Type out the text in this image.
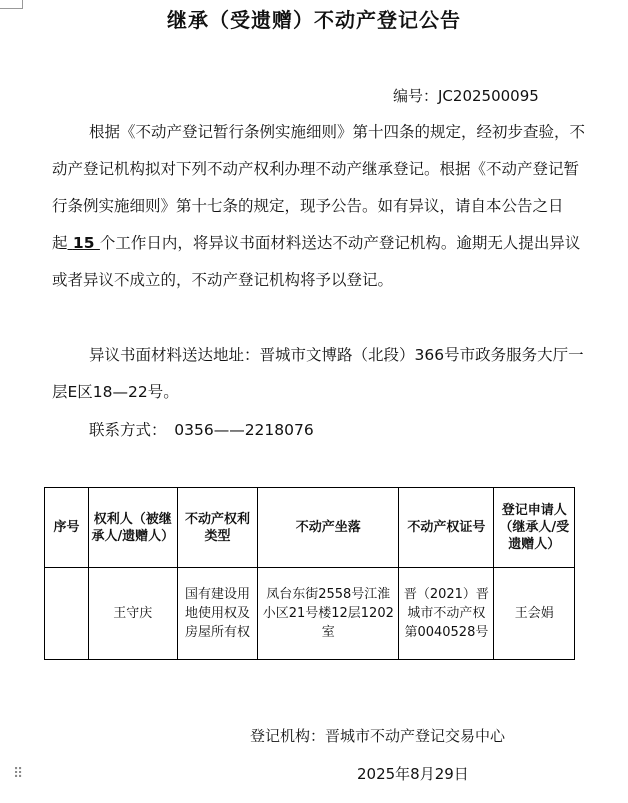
继承（受遗赠）不动产登记公告
编号：JC202500095

根据《不动产登记暂行条例实施细则》第十四条的规定，经初步查验，不动产登记机构拟对下列不动产权利办理不动产继承登记。根据《不动产登记暂行条例实施细则》第十七条的规定，现予公告。如有异议，请自本公告之日起 15 个工作日内，将异议书面材料送达不动产登记机构。逾期无人提出异议或者异议不成立的，不动产登记机构将予以登记。

异议书面材料送达地址：晋城市文博路（北段）366号市政务服务大厅一层E区18—22号。

联系方式：　0356——2218076

序号	权利人（被继承人/遗赠人）	不动产权利类型	不动产坐落	不动产权证号	登记申请人（继承人/受遗赠人）
	王守庆	国有建设用地使用权及房屋所有权	凤台东街2558号江淮小区21号楼12层1202室	晋（2021）晋城市不动产权第0040528号	王会娟
登记机构：晋城市不动产登记交易中心
2025年8月29日
⠿
